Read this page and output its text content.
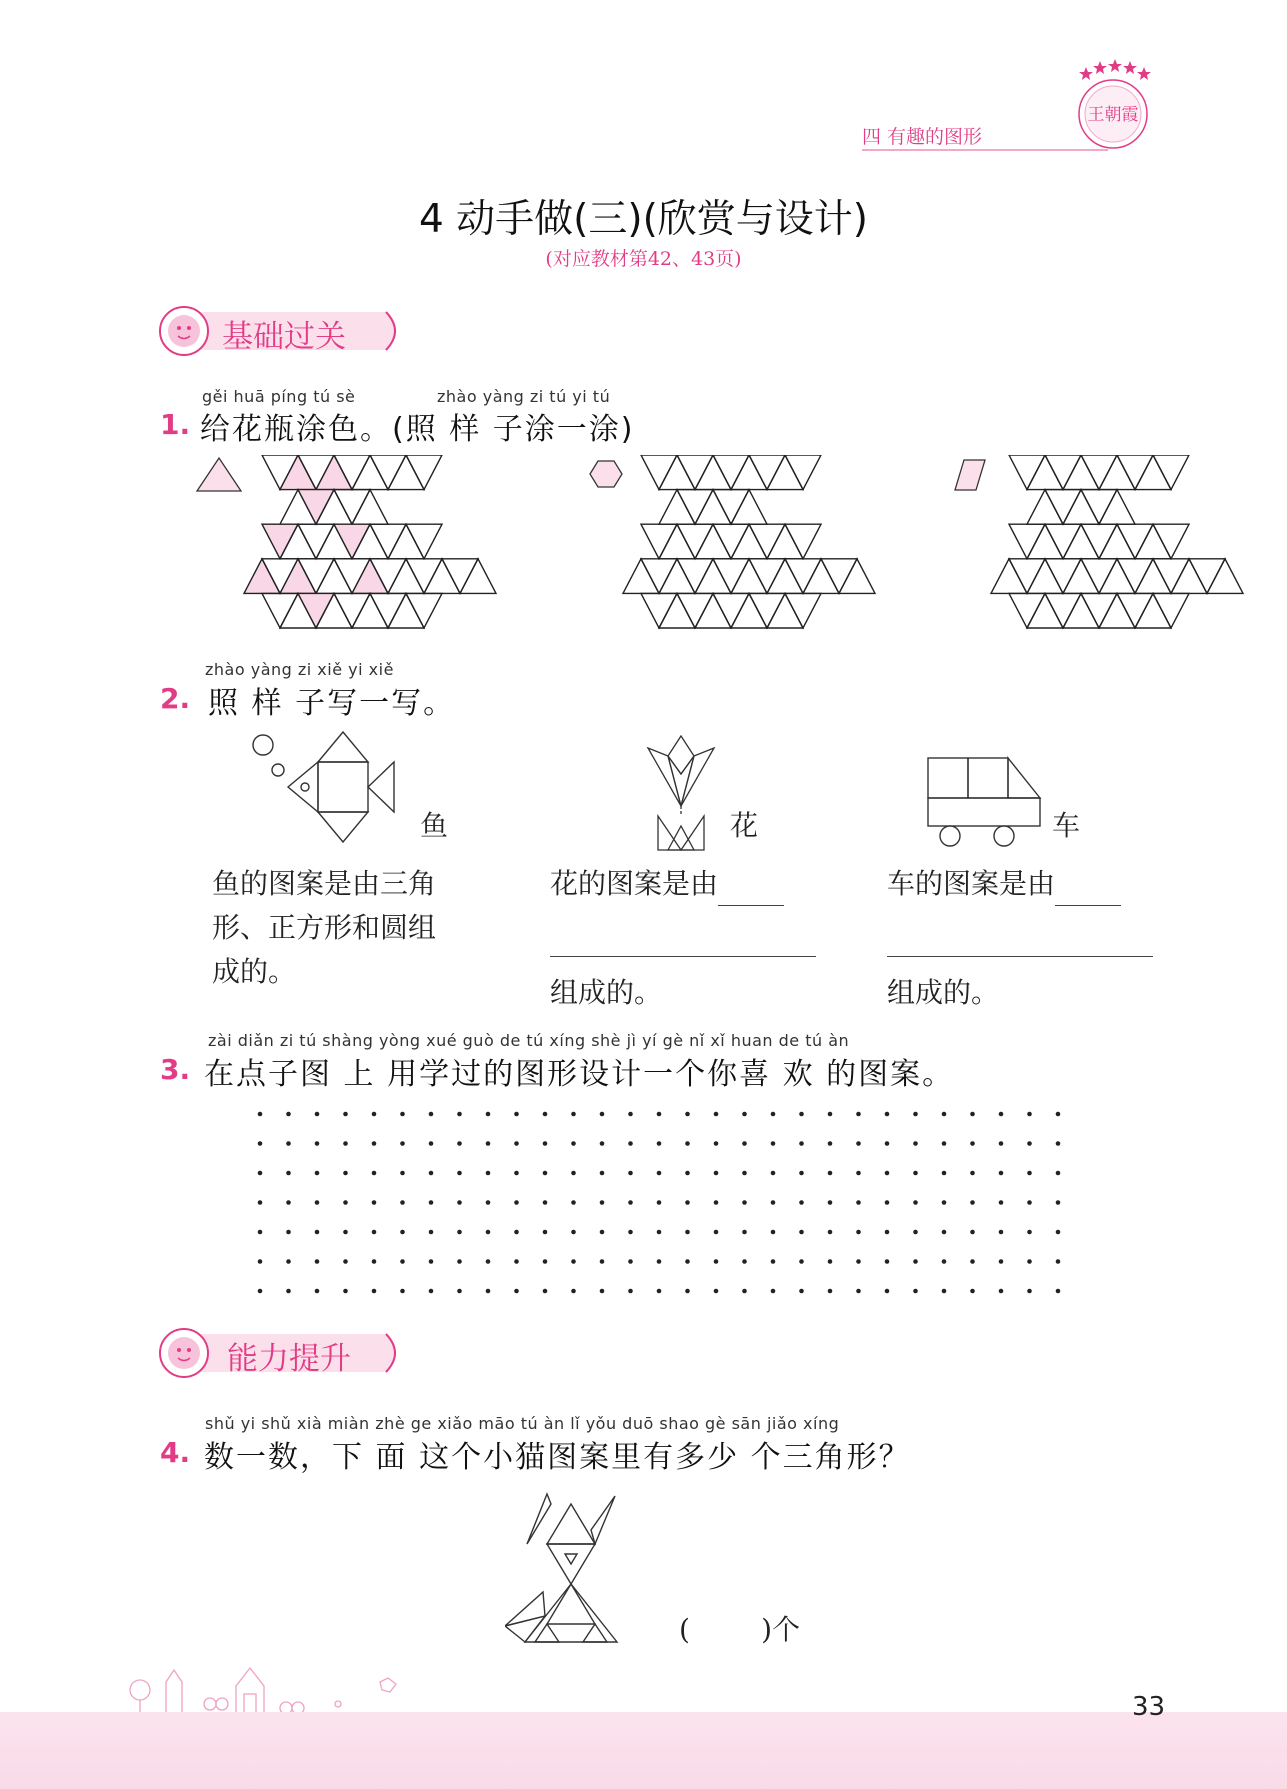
王朝霞
四 有趣的图形
4 动手做(三)(欣赏与设计)
(对应教材第42、43页)
基础过关
gěi huā píng tú sè	zhào yàng zi tú yi tú
1. 给花瓶涂色。(照 样 子涂一涂)
zhào yàng zi xiě yi xiě
2. 照 样 子写一写。
鱼	花	车
鱼的图案是由三角
形、正方形和圆组
成的。
花的图案是由
组成的。
车的图案是由
组成的。
zài diǎn zi tú shàng yòng xué guò de tú xíng shè jì yí gè nǐ xǐ huan de tú àn
3. 在点子图 上 用学过的图形设计一个你喜 欢 的图案。
能力提升
shǔ yi shǔ xià miàn zhè ge xiǎo māo tú àn lǐ yǒu duō shao gè sān jiǎo xíng
4. 数一数，下 面 这个小猫图案里有多少 个三角形？
(        )个
33
